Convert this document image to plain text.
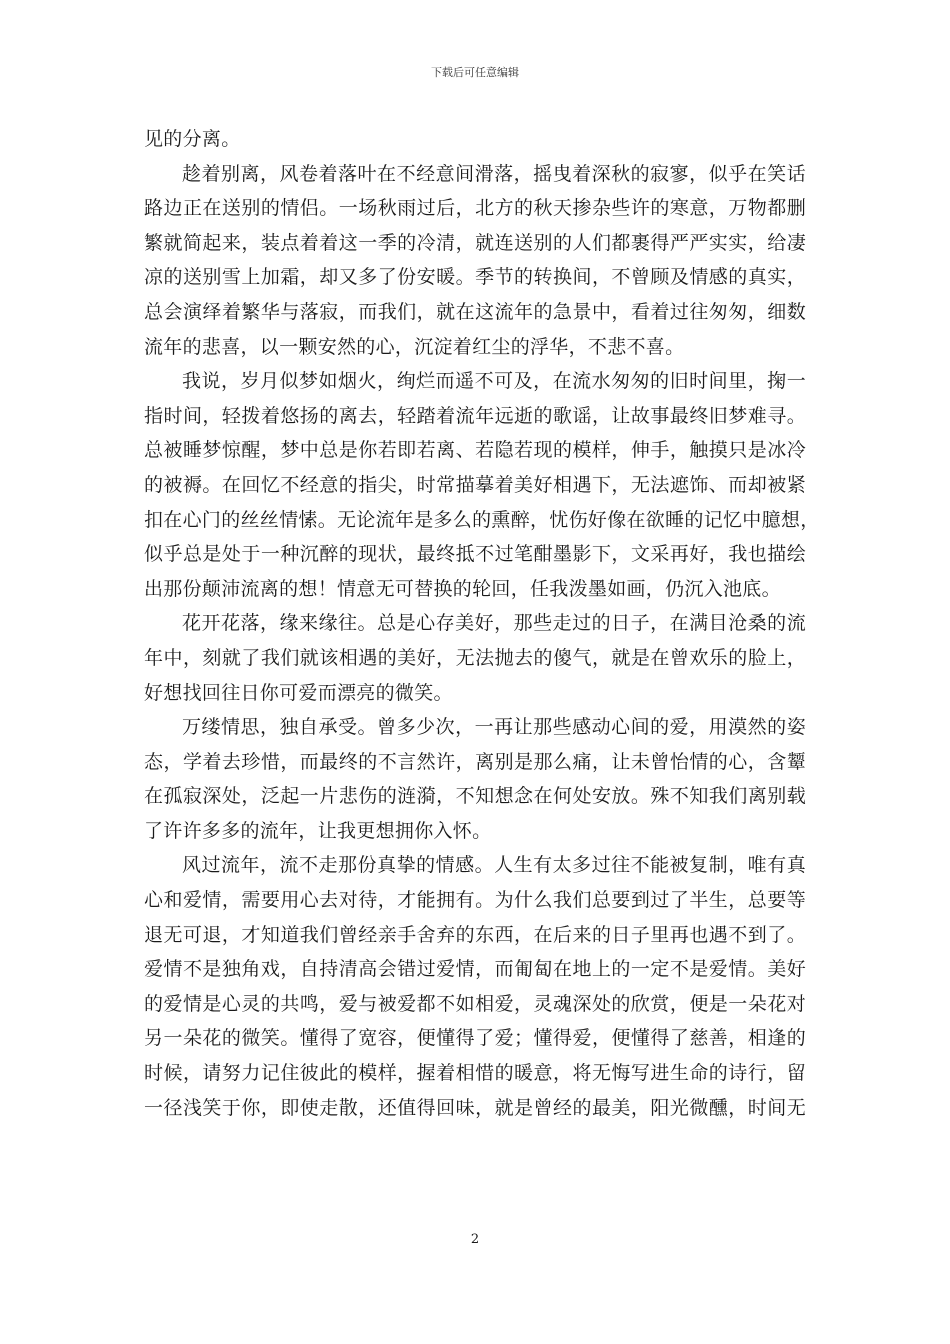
下载后可任意编辑
见的分离。
趁着别离，风卷着落叶在不经意间滑落，摇曳着深秋的寂寥，似乎在笑话
路边正在送别的情侣。一场秋雨过后，北方的秋天掺杂些许的寒意，万物都删
繁就简起来，装点着着这一季的冷清，就连送别的人们都裹得严严实实，给凄
凉的送别雪上加霜，却又多了份安暖。季节的转换间，不曾顾及情感的真实，
总会演绎着繁华与落寂，而我们，就在这流年的急景中，看着过往匆匆，细数
流年的悲喜，以一颗安然的心，沉淀着红尘的浮华，不悲不喜。
我说，岁月似梦如烟火，绚烂而遥不可及，在流水匆匆的旧时间里，掬一
指时间，轻拨着悠扬的离去，轻踏着流年远逝的歌谣，让故事最终旧梦难寻。
总被睡梦惊醒，梦中总是你若即若离、若隐若现的模样，伸手，触摸只是冰冷
的被褥。在回忆不经意的指尖，时常描摹着美好相遇下，无法遮饰、而却被紧
扣在心门的丝丝情愫。无论流年是多么的熏醉，忧伤好像在欲睡的记忆中臆想，
似乎总是处于一种沉醉的现状，最终抵不过笔酣墨影下，文采再好，我也描绘
出那份颠沛流离的想！情意无可替换的轮回，任我泼墨如画，仍沉入池底。
花开花落，缘来缘往。总是心存美好，那些走过的日子，在满目沧桑的流
年中，刻就了我们就该相遇的美好，无法抛去的傻气，就是在曾欢乐的脸上，
好想找回往日你可爱而漂亮的微笑。
万缕情思，独自承受。曾多少次，一再让那些感动心间的爱，用漠然的姿
态，学着去珍惜，而最终的不言然许，离别是那么痛，让未曾怡情的心，含颦
在孤寂深处，泛起一片悲伤的涟漪，不知想念在何处安放。殊不知我们离别载
了许许多多的流年，让我更想拥你入怀。
风过流年，流不走那份真挚的情感。人生有太多过往不能被复制，唯有真
心和爱情，需要用心去对待，才能拥有。为什么我们总要到过了半生，总要等
退无可退，才知道我们曾经亲手舍弃的东西，在后来的日子里再也遇不到了。
爱情不是独角戏，自持清高会错过爱情，而匍匐在地上的一定不是爱情。美好
的爱情是心灵的共鸣，爱与被爱都不如相爱，灵魂深处的欣赏，便是一朵花对
另一朵花的微笑。懂得了宽容，便懂得了爱；懂得爱，便懂得了慈善，相逢的
时候，请努力记住彼此的模样，握着相惜的暖意，将无悔写进生命的诗行，留
一径浅笑于你，即使走散，还值得回味，就是曾经的最美，阳光微醺，时间无
2
